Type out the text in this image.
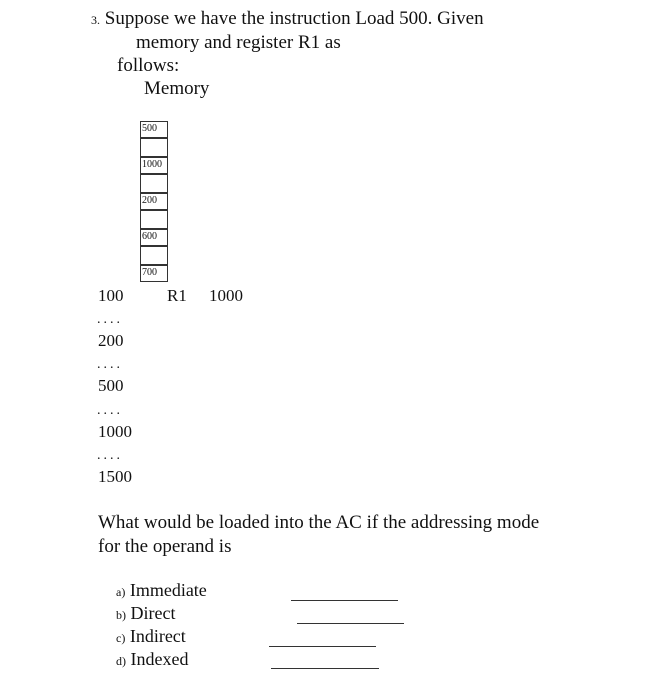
3. Suppose we have the instruction Load 500. Given
memory and register R1 as
follows:
Memory
500
1000
200
600
700
R1 1000
100
....
200
....
500
....
1000
....
1500
What would be loaded into the AC if the addressing mode
for the operand is
a) Immediate
b) Direct
c) Indirect
d) Indexed
